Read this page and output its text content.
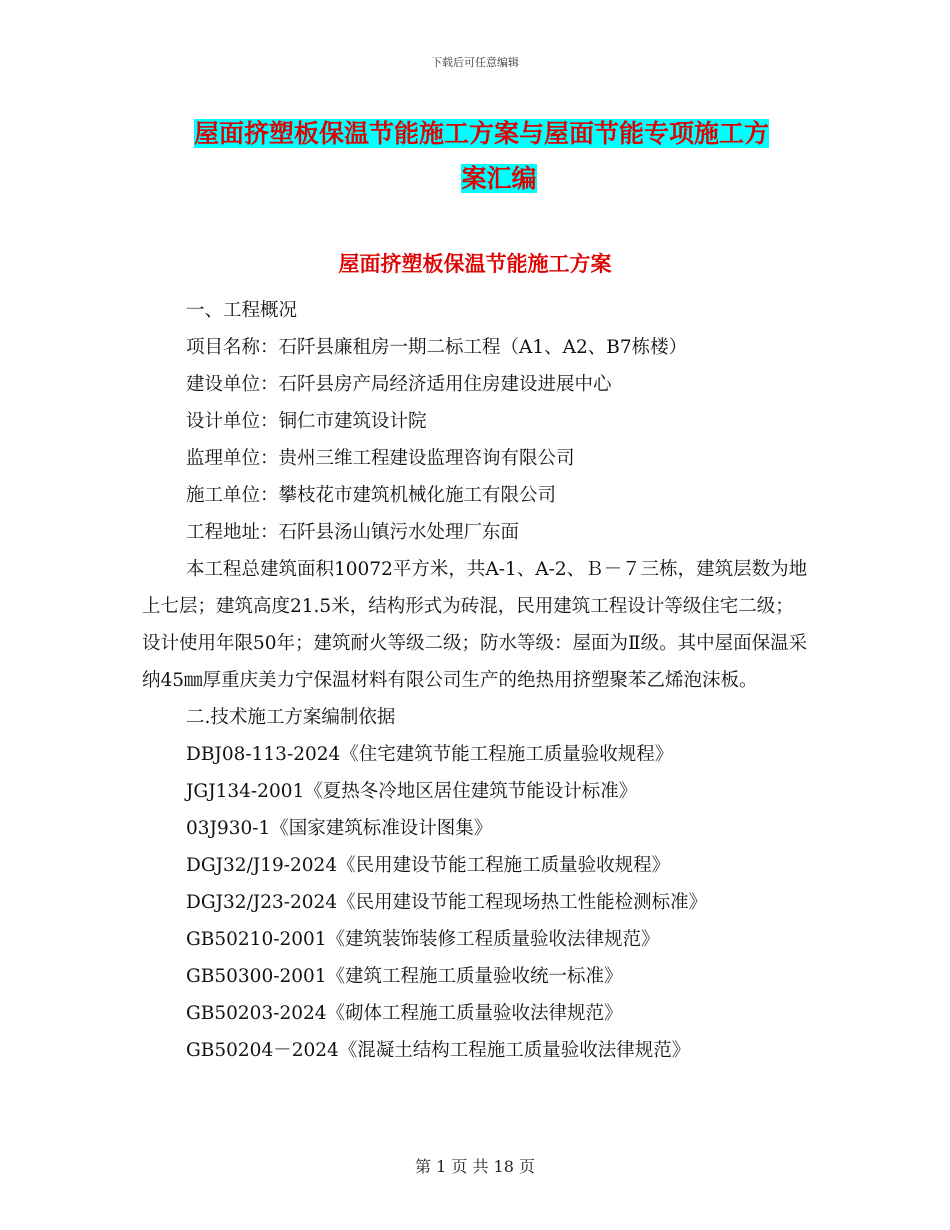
下载后可任意编辑
屋面挤塑板保温节能施工方案与屋面节能专项施工方
案汇编
屋面挤塑板保温节能施工方案
一、工程概况
项目名称：石阡县廉租房一期二标工程（A1、A2、B7栋楼）
建设单位：石阡县房产局经济适用住房建设进展中心
设计单位：铜仁市建筑设计院
监理单位：贵州三维工程建设监理咨询有限公司
施工单位：攀枝花市建筑机械化施工有限公司
工程地址：石阡县汤山镇污水处理厂东面
本工程总建筑面积10072平方米，共A-1、A-2、Ｂ－７三栋，建筑层数为地上七层；建筑高度21.5米，结构形式为砖混，民用建筑工程设计等级住宅二级；设计使用年限50年；建筑耐火等级二级；防水等级：屋面为Ⅱ级。其中屋面保温采纳45㎜厚重庆美力宁保温材料有限公司生产的绝热用挤塑聚苯乙烯泡沫板。
二.技术施工方案编制依据
DBJ08-113-2024《住宅建筑节能工程施工质量验收规程》
JGJ134-2001《夏热冬冷地区居住建筑节能设计标准》
03J930-1《国家建筑标准设计图集》
DGJ32/J19-2024《民用建设节能工程施工质量验收规程》
DGJ32/J23-2024《民用建设节能工程现场热工性能检测标准》
GB50210-2001《建筑装饰装修工程质量验收法律规范》
GB50300-2001《建筑工程施工质量验收统一标准》
GB50203-2024《砌体工程施工质量验收法律规范》
GB50204－2024《混凝土结构工程施工质量验收法律规范》
第 1 页 共 18 页
